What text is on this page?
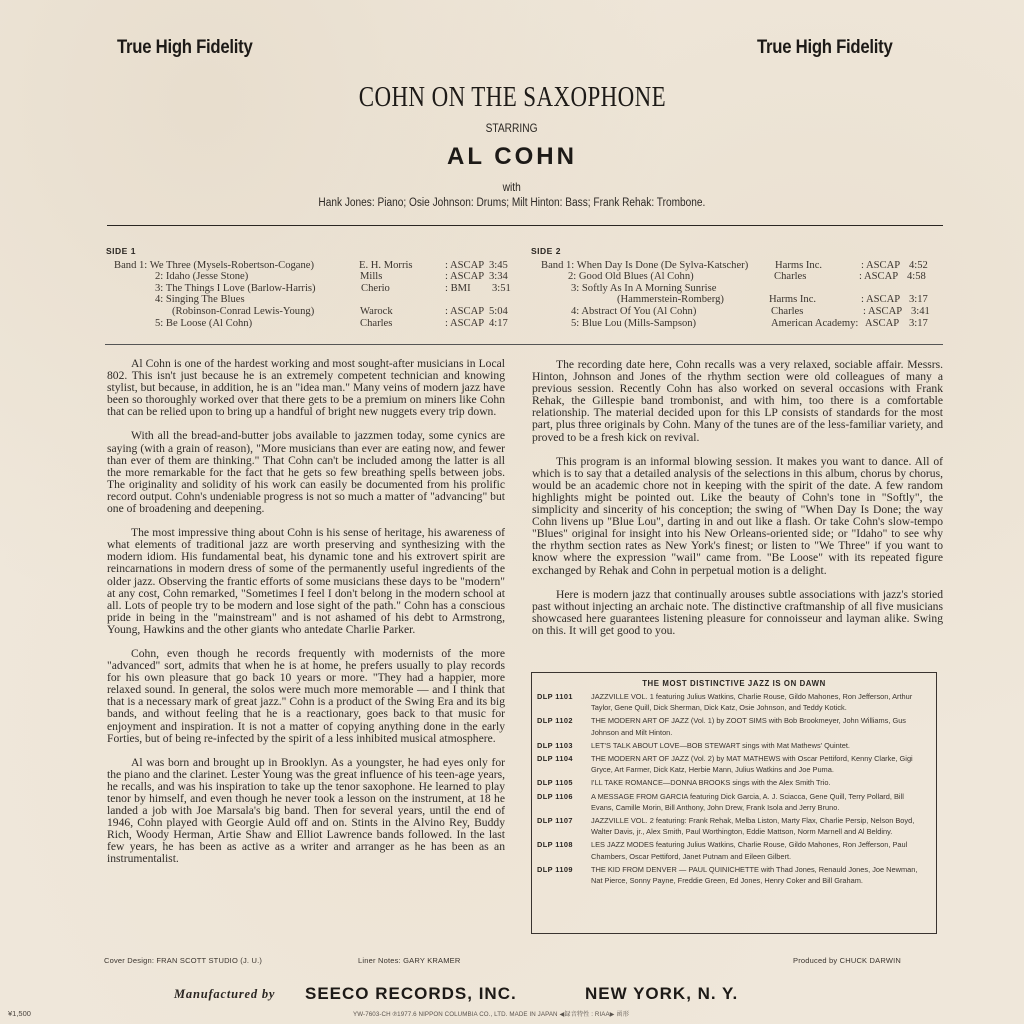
True High Fidelity	True High Fidelity
COHN ON THE SAXOPHONE
STARRING
AL COHN
with
Hank Jones: Piano; Osie Johnson: Drums; Milt Hinton: Bass; Frank Rehak: Trombone.
SIDE 1
Band 1: We Three (Mysels-Robertson-Cogane)	E. H. Morris	: ASCAP 3:45
2: Idaho (Jesse Stone)	Mills	: ASCAP 3:34
3: The Things I Love (Barlow-Harris)	Cherio	: BMI 3:51
4: Singing The Blues
(Robinson-Conrad Lewis-Young)	Warock	: ASCAP 5:04
5: Be Loose (Al Cohn)	Charles	: ASCAP 4:17
SIDE 2
Band 1: When Day Is Done (De Sylva-Katscher)	Harms Inc.	: ASCAP 4:52
2: Good Old Blues (Al Cohn)	Charles	: ASCAP 4:58
3: Softly As In A Morning Sunrise
(Hammerstein-Romberg)	Harms Inc.	: ASCAP 3:17
4: Abstract Of You (Al Cohn)	Charles	: ASCAP 3:41
5: Blue Lou (Mills-Sampson)	American Academy: ASCAP 3:17

Al Cohn is one of the hardest working and most sought-after musicians in Local 802. This isn't just because he is an extremely competent technician and knowing stylist, but because, in addition, he is an "idea man." Many veins of modern jazz have been so thoroughly worked over that there gets to be a premium on miners like Cohn that can be relied upon to bring up a handful of bright new nuggets every trip down.

With all the bread-and-butter jobs available to jazzmen today, some cynics are saying (with a grain of reason), "More musicians than ever are eating now, and fewer than ever of them are thinking." That Cohn can't be included among the latter is all the more remarkable for the fact that he gets so few breathing spells between jobs. The originality and solidity of his work can easily be documented from his prolific record output. Cohn's undeniable progress is not so much a matter of "advancing" but one of broadening and deepening.

The most impressive thing about Cohn is his sense of heritage, his awareness of what elements of traditional jazz are worth preserving and synthesizing with the modern idiom. His fundamental beat, his dynamic tone and his extrovert spirit are reincarnations in modern dress of some of the permanently useful ingredients of the older jazz. Observing the frantic efforts of some musicians these days to be "modern" at any cost, Cohn remarked, "Sometimes I feel I don't belong in the modern school at all. Lots of people try to be modern and lose sight of the path." Cohn has a conscious pride in being in the "mainstream" and is not ashamed of his debt to Armstrong, Young, Hawkins and the other giants who antedate Charlie Parker.

Cohn, even though he records frequently with modernists of the more "advanced" sort, admits that when he is at home, he prefers usually to play records for his own pleasure that go back 10 years or more. "They had a happier, more relaxed sound. In general, the solos were much more memorable — and I think that that is a necessary mark of great jazz." Cohn is a product of the Swing Era and its big bands, and without feeling that he is a reactionary, goes back to that music for enjoyment and inspiration. It is not a matter of copying anything done in the early Forties, but of being re-infected by the spirit of a less inhibited musical atmosphere.

Al was born and brought up in Brooklyn. As a youngster, he had eyes only for the piano and the clarinet. Lester Young was the great influence of his teen-age years, he recalls, and was his inspiration to take up the tenor saxophone. He learned to play tenor by himself, and even though he never took a lesson on the instrument, at 18 he landed a job with Joe Marsala's big band. Then for several years, until the end of 1946, Cohn played with Georgie Auld off and on. Stints in the Alvino Rey, Buddy Rich, Woody Herman, Artie Shaw and Elliot Lawrence bands followed. In the last few years, he has been as active as a writer and arranger as he has been as an instrumentalist.

The recording date here, Cohn recalls was a very relaxed, sociable affair. Messrs. Hinton, Johnson and Jones of the rhythm section were old colleagues of many a previous session. Recently Cohn has also worked on several occasions with Frank Rehak, the Gillespie band trombonist, and with him, too there is a comfortable relationship. The material decided upon for this LP consists of standards for the most part, plus three originals by Cohn. Many of the tunes are of the less-familiar variety, and proved to be a fresh kick on revival.

This program is an informal blowing session. It makes you want to dance. All of which is to say that a detailed analysis of the selections in this album, chorus by chorus, would be an academic chore not in keeping with the spirit of the date. A few random highlights might be pointed out. Like the beauty of Cohn's tone in "Softly", the simplicity and sincerity of his conception; the swing of "When Day Is Done; the way Cohn livens up "Blue Lou", darting in and out like a flash. Or take Cohn's slow-tempo "Blues" original for insight into his New Orleans-oriented side; or "Idaho" to see why the rhythm section rates as New York's finest; or listen to "We Three" if you want to know where the expression "wail" came from. "Be Loose" with its repeated figure exchanged by Rehak and Cohn in perpetual motion is a delight.

Here is modern jazz that continually arouses subtle associations with jazz's storied past without injecting an archaic note. The distinctive craftmanship of all five musicians showcased here guarantees listening pleasure for connoisseur and layman alike. Swing on this. It will get good to you.

THE MOST DISTINCTIVE JAZZ IS ON DAWN
DLP 1101	JAZZVILLE VOL. 1 featuring Julius Watkins, Charlie Rouse, Gildo Mahones, Ron Jefferson, Arthur Taylor, Gene Quill, Dick Sherman, Dick Katz, Osie Johnson, and Teddy Kotick.
DLP 1102	THE MODERN ART OF JAZZ (Vol. 1) by ZOOT SIMS with Bob Brookmeyer, John Williams, Gus Johnson and Milt Hinton.
DLP 1103	LET'S TALK ABOUT LOVE—BOB STEWART sings with Mat Mathews' Quintet.
DLP 1104	THE MODERN ART OF JAZZ (Vol. 2) by MAT MATHEWS with Oscar Pettiford, Kenny Clarke, Gigi Gryce, Art Farmer, Dick Katz, Herbie Mann, Julius Watkins and Joe Puma.
DLP 1105	I'LL TAKE ROMANCE—DONNA BROOKS sings with the Alex Smith Trio.
DLP 1106	A MESSAGE FROM GARCIA featuring Dick Garcia, A. J. Sciacca, Gene Quill, Terry Pollard, Bill Evans, Camille Morin, Bill Anthony, John Drew, Frank Isola and Jerry Bruno.
DLP 1107	JAZZVILLE VOL. 2 featuring: Frank Rehak, Melba Liston, Marty Flax, Charlie Persip, Nelson Boyd, Walter Davis, jr., Alex Smith, Paul Worthington, Eddie Mattson, Norm Marnell and Al Beldiny.
DLP 1108	LES JAZZ MODES featuring Julius Watkins, Charlie Rouse, Gildo Mahones, Ron Jefferson, Paul Chambers, Oscar Pettiford, Janet Putnam and Eileen Gilbert.
DLP 1109	THE KID FROM DENVER — PAUL QUINICHETTE with Thad Jones, Renauld Jones, Joe Newman, Nat Pierce, Sonny Payne, Freddie Green, Ed Jones, Henry Coker and Bill Graham.
Cover Design: FRAN SCOTT STUDIO (J. U.)	Liner Notes: GARY KRAMER	Produced by CHUCK DARWIN
Manufactured by SEECO RECORDS, INC.	NEW YORK, N. Y.
¥1,500	YW-7603-CH ℗1977.6 NIPPON COLUMBIA CO., LTD. MADE IN JAPAN ◀録音特性 : RIAA▶ 函形
